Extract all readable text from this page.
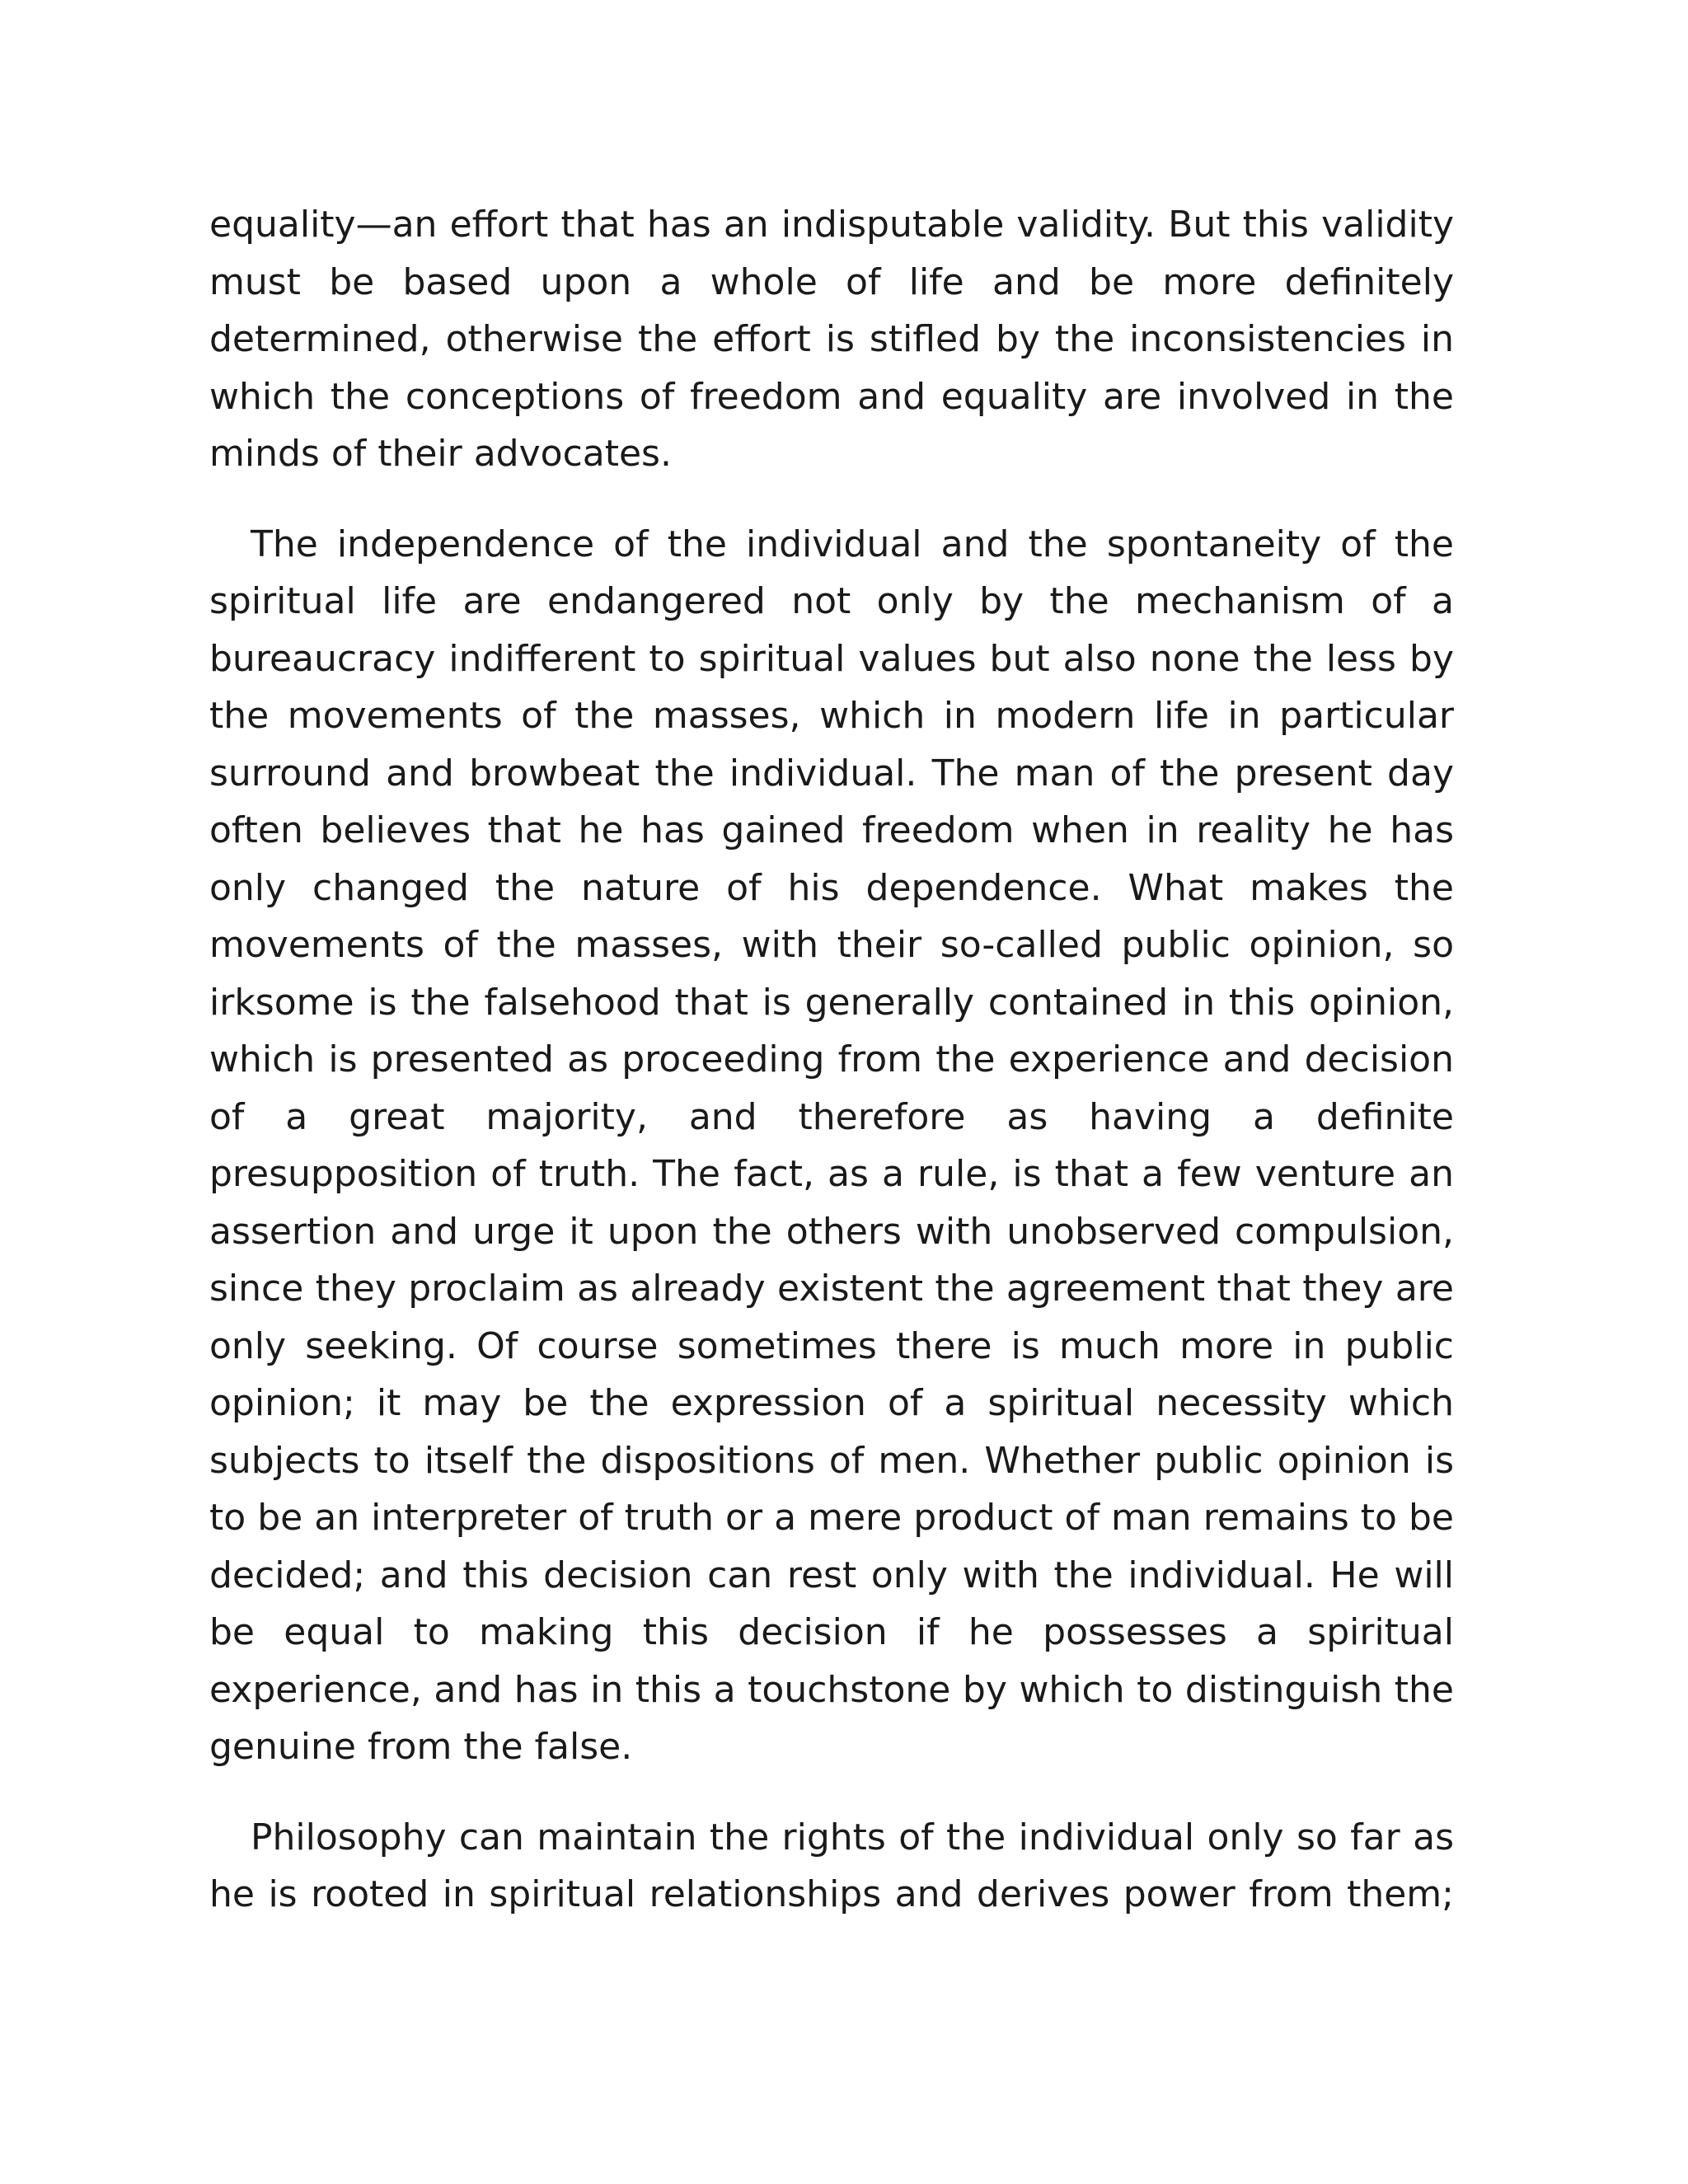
equality—an effort that has an indisputable validity. But this validity must be based upon a whole of life and be more definitely determined, otherwise the effort is stifled by the inconsistencies in which the conceptions of freedom and equality are involved in the minds of their advocates.

The independence of the individual and the spontaneity of the spiritual life are endangered not only by the mechanism of a bureaucracy indifferent to spiritual values but also none the less by the movements of the masses, which in modern life in particular surround and browbeat the individual. The man of the present day often believes that he has gained freedom when in reality he has only changed the nature of his dependence. What makes the movements of the masses, with their so-called public opinion, so irksome is the falsehood that is generally contained in this opinion, which is presented as proceeding from the experience and decision of a great majority, and therefore as having a definite presupposition of truth. The fact, as a rule, is that a few venture an assertion and urge it upon the others with unobserved compulsion, since they proclaim as already existent the agreement that they are only seeking. Of course sometimes there is much more in public opinion; it may be the expression of a spiritual necessity which subjects to itself the dispositions of men. Whether public opinion is to be an interpreter of truth or a mere product of man remains to be decided; and this decision can rest only with the individual. He will be equal to making this decision if he possesses a spiritual experience, and has in this a touchstone by which to distinguish the genuine from the false.

Philosophy can maintain the rights of the individual only so far as he is rooted in spiritual relationships and derives power from them;
